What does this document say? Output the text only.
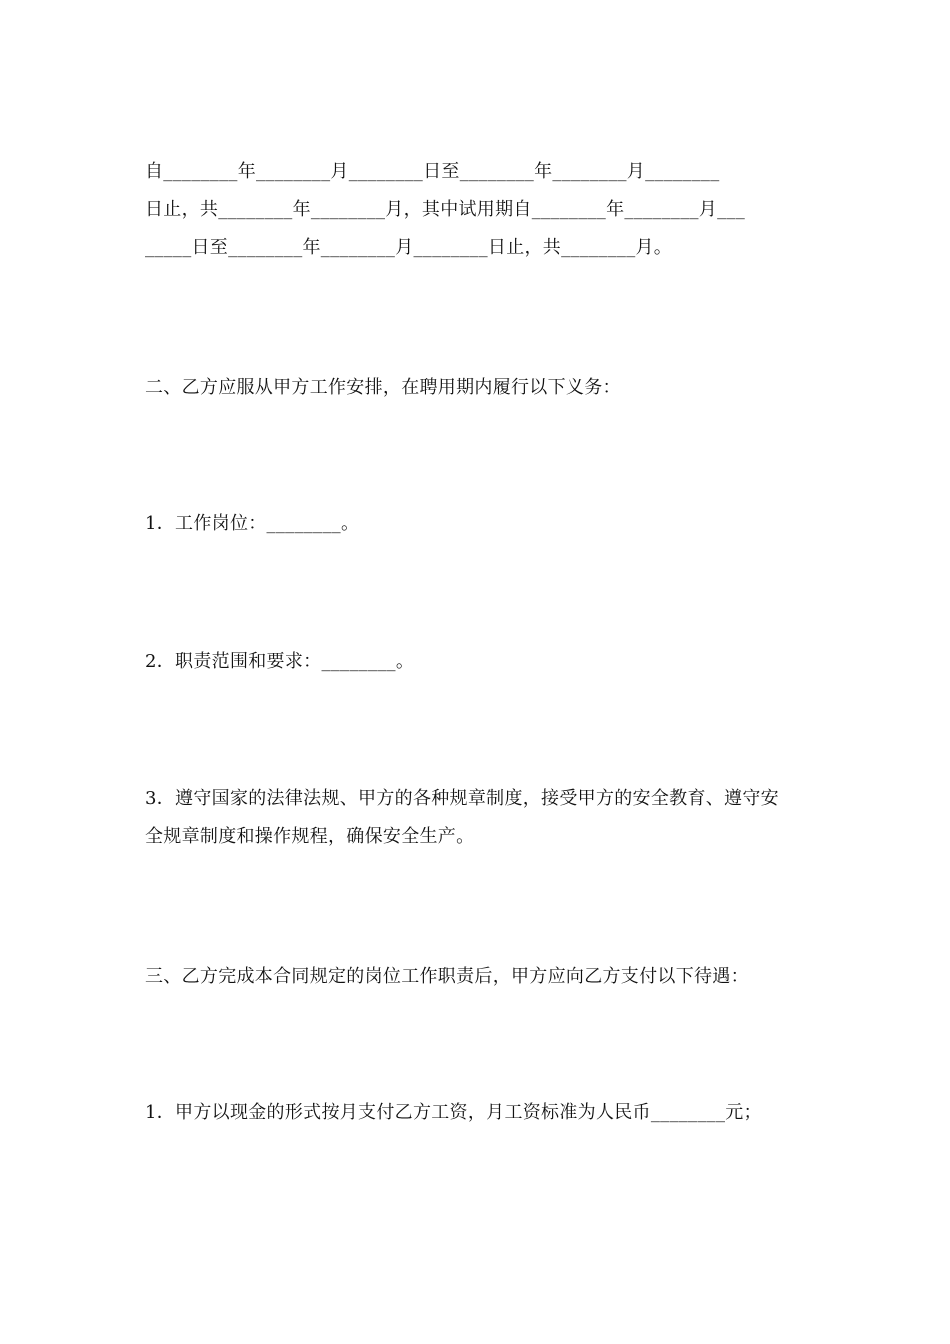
自________年________月________日至________年________月________
日止，共________年________月，其中试用期自________年________月___
_____日至________年________月________日止，共________月。
二、乙方应服从甲方工作安排，在聘用期内履行以下义务：
1．工作岗位：________。
2．职责范围和要求：________。
3．遵守国家的法律法规、甲方的各种规章制度，接受甲方的安全教育、遵守安
全规章制度和操作规程，确保安全生产。
三、乙方完成本合同规定的岗位工作职责后，甲方应向乙方支付以下待遇：
1．甲方以现金的形式按月支付乙方工资，月工资标准为人民币________元；
